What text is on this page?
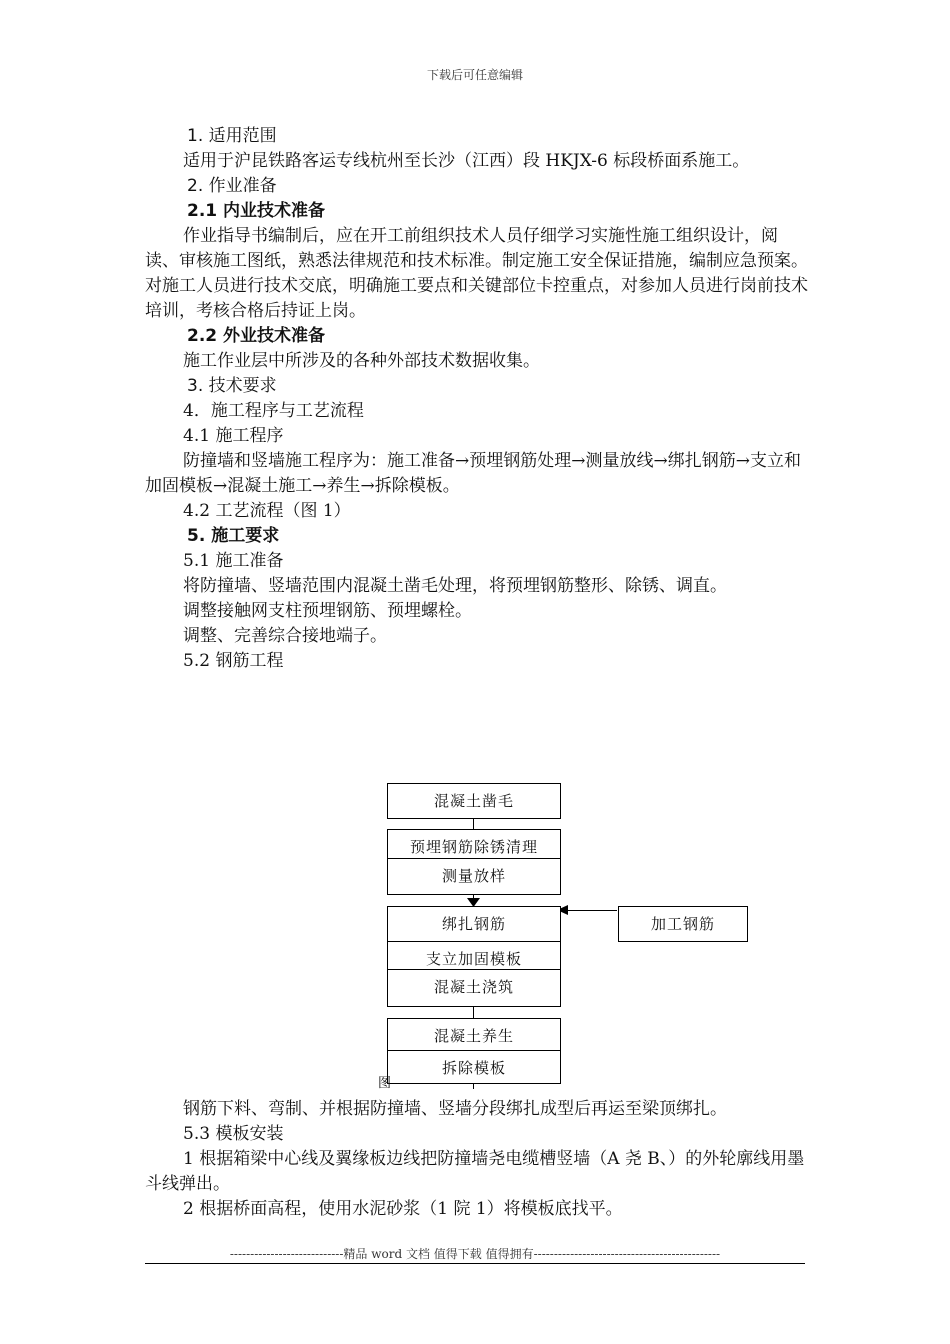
下载后可任意编辑
1. 适用范围
适用于沪昆铁路客运专线杭州至长沙（江西）段 HKJX-6 标段桥面系施工。
2. 作业准备
2.1 内业技术准备
作业指导书编制后，应在开工前组织技术人员仔细学习实施性施工组织设计，阅读、审核施工图纸，熟悉法律规范和技术标准。制定施工安全保证措施，编制应急预案。对施工人员进行技术交底，明确施工要点和关键部位卡控重点，对参加人员进行岗前技术培训，考核合格后持证上岗。
2.2 外业技术准备
施工作业层中所涉及的各种外部技术数据收集。
3. 技术要求
4．施工程序与工艺流程
4.1 施工程序
防撞墙和竖墙施工程序为：施工准备→预埋钢筋处理→测量放线→绑扎钢筋→支立和加固模板→混凝土施工→养生→拆除模板。
4.2 工艺流程（图 1）
5. 施工要求
5.1 施工准备
将防撞墙、竖墙范围内混凝土凿毛处理，将预埋钢筋整形、除锈、调直。
调整接触网支柱预埋钢筋、预埋螺栓。
调整、完善综合接地端子。
5.2 钢筋工程
混凝土凿毛
预埋钢筋除锈清理
测量放样
绑扎钢筋
支立加固模板
混凝土浇筑
混凝土养生
拆除模板
加工钢筋
图
钢筋下料、弯制、并根据防撞墙、竖墙分段绑扎成型后再运至梁顶绑扎。
5.3 模板安装
1 根据箱梁中心线及翼缘板边线把防撞墙尧电缆槽竖墙（A 尧 B、）的外轮廓线用墨斗线弹出。
2 根据桥面高程，使用水泥砂浆（1 院 1）将模板底找平。
----------------------------精品 word 文档 值得下载 值得拥有----------------------------------------------
